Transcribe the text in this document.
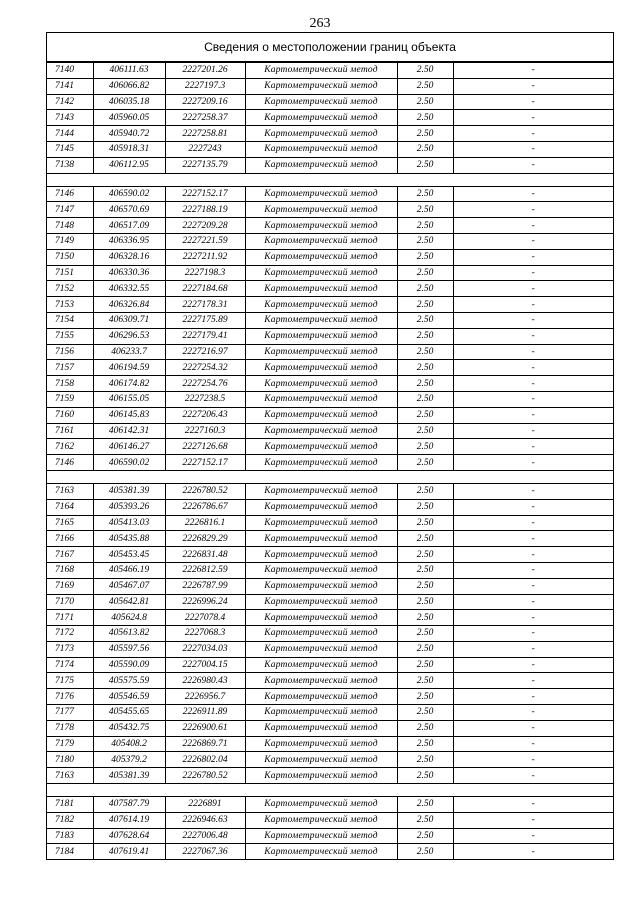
263
Сведения о местоположении границ объекта
7140	406111.63	2227201.26	Картометрический метод	2.50	-
7141	406066.82	2227197.3	Картометрический метод	2.50	-
7142	406035.18	2227209.16	Картометрический метод	2.50	-
7143	405960.05	2227258.37	Картометрический метод	2.50	-
7144	405940.72	2227258.81	Картометрический метод	2.50	-
7145	405918.31	2227243	Картометрический метод	2.50	-
7138	406112.95	2227135.79	Картометрический метод	2.50	-

7146	406590.02	2227152.17	Картометрический метод	2.50	-
7147	406570.69	2227188.19	Картометрический метод	2.50	-
7148	406517.09	2227209.28	Картометрический метод	2.50	-
7149	406336.95	2227221.59	Картометрический метод	2.50	-
7150	406328.16	2227211.92	Картометрический метод	2.50	-
7151	406330.36	2227198.3	Картометрический метод	2.50	-
7152	406332.55	2227184.68	Картометрический метод	2.50	-
7153	406326.84	2227178.31	Картометрический метод	2.50	-
7154	406309.71	2227175.89	Картометрический метод	2.50	-
7155	406296.53	2227179.41	Картометрический метод	2.50	-
7156	406233.7	2227216.97	Картометрический метод	2.50	-
7157	406194.59	2227254.32	Картометрический метод	2.50	-
7158	406174.82	2227254.76	Картометрический метод	2.50	-
7159	406155.05	2227238.5	Картометрический метод	2.50	-
7160	406145.83	2227206.43	Картометрический метод	2.50	-
7161	406142.31	2227160.3	Картометрический метод	2.50	-
7162	406146.27	2227126.68	Картометрический метод	2.50	-
7146	406590.02	2227152.17	Картометрический метод	2.50	-

7163	405381.39	2226780.52	Картометрический метод	2.50	-
7164	405393.26	2226786.67	Картометрический метод	2.50	-
7165	405413.03	2226816.1	Картометрический метод	2.50	-
7166	405435.88	2226829.29	Картометрический метод	2.50	-
7167	405453.45	2226831.48	Картометрический метод	2.50	-
7168	405466.19	2226812.59	Картометрический метод	2.50	-
7169	405467.07	2226787.99	Картометрический метод	2.50	-
7170	405642.81	2226996.24	Картометрический метод	2.50	-
7171	405624.8	2227078.4	Картометрический метод	2.50	-
7172	405613.82	2227068.3	Картометрический метод	2.50	-
7173	405597.56	2227034.03	Картометрический метод	2.50	-
7174	405590.09	2227004.15	Картометрический метод	2.50	-
7175	405575.59	2226980.43	Картометрический метод	2.50	-
7176	405546.59	2226956.7	Картометрический метод	2.50	-
7177	405455.65	2226911.89	Картометрический метод	2.50	-
7178	405432.75	2226900.61	Картометрический метод	2.50	-
7179	405408.2	2226869.71	Картометрический метод	2.50	-
7180	405379.2	2226802.04	Картометрический метод	2.50	-
7163	405381.39	2226780.52	Картометрический метод	2.50	-

7181	407587.79	2226891	Картометрический метод	2.50	-
7182	407614.19	2226946.63	Картометрический метод	2.50	-
7183	407628.64	2227006.48	Картометрический метод	2.50	-
7184	407619.41	2227067.36	Картометрический метод	2.50	-
